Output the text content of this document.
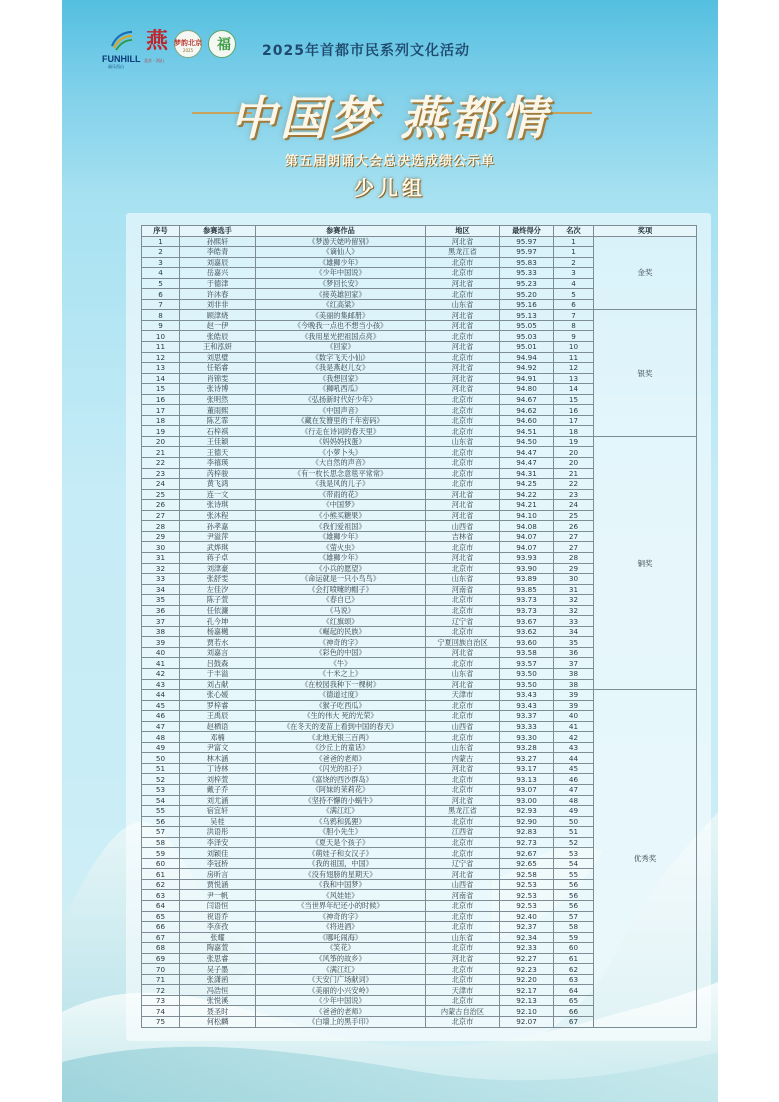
FUNHILL
福乐西山
燕
北京 · 西山
梦韵北京
2025	福	2025年首都市民系列文化活动
中国梦 燕都情
第五届朗诵大会总决选成绩公示单
少儿组
序号	参赛选手	参赛作品	地区	最终得分	名次	奖项
1	孙熙轩	《梦游天姥吟留别》	河北省	95.97	1	金奖
2	李皓青	《谪仙人》	黑龙江省	95.97	1	
3	刘嘉辰	《雄狮少年》	北京市	95.83	2	
4	岳嘉兴	《少年中国说》	北京市	95.33	3	
5	于德津	《梦回长安》	河北省	95.23	4	
6	许沐春	《接英雄回家》	北京市	95.20	5	
7	刘非非	《红高粱》	山东省	95.16	6	
8	顾津烧	《美丽的集邮册》	河北省	95.13	7	银奖
9	赵一伊	《今晚我一点也不想当小孩》	河北省	95.05	8	
10	张皓辰	《我用星光把祖国点亮》	北京市	95.03	9	
11	王和泓妍	《回家》	河北省	95.01	10	
12	刘思璧	《数字飞天小仙》	北京市	94.94	11	
13	任韬睿	《我是燕赵儿女》	河北省	94.92	12	
14	肖锦雯	《我想回家》	河北省	94.91	13	
15	张诗博	《狮吼西瓜》	河北省	94.80	14	
16	张明然	《弘扬新时代好少年》	北京市	94.67	15	
17	董雨熙	《中国声音》	北京市	94.62	16	
18	陈艺霏	《藏在发簪里的千年密码》	北京市	94.60	17	
19	石梓祺	《行走在诗词的春天里》	北京市	94.51	18	
20	王佳颖	《妈妈妈找蛋》	山东省	94.50	19	铜奖
21	王德天	《小萝卜头》	北京市	94.47	20	
22	李禧瑛	《大自然的声音》	北京市	94.47	20	
23	芮梓骏	《有一枚长思念意毯平常常》	北京市	94.31	21	
24	黄飞鸿	《我是风的儿子》	北京市	94.25	22	
25	连一文	《带雨的花》	河北省	94.22	23	
26	张诗琪	《中国梦》	河北省	94.21	24	
27	张沐程	《小熊买糖果》	河北省	94.10	25	
28	孙孝嘉	《我们爱祖国》	山西省	94.08	26	
29	尹溢萍	《雄狮少年》	吉林省	94.07	27	
30	武烨琪	《萤火虫》	北京市	94.07	27	
31	蒋子卓	《雄狮少年》	河北省	93.93	28	
32	刘津豪	《小兵的愿望》	北京市	93.90	29	
33	张舒雯	《命运就是一只小鸟鸟》	山东省	93.89	30	
34	左佳汐	《会打喷嚏的帽子》	河南省	93.85	31	
35	陈子萱	《春自已》	北京市	93.73	32	
36	任依濂	《马说》	北京市	93.73	32	
37	孔今坤	《红旗颂》	辽宁省	93.67	33	
38	杨嘉樾	《崛起的民族》	北京市	93.62	34	
39	贾若水	《神奇的字》	宁夏回族自治区	93.60	35	
40	刘嘉言	《彩色的中国》	河北省	93.58	36	
41	吕鼓森	《牛》	北京市	93.57	37	
42	于丰溢	《十米之上》	山东省	93.50	38	
43	刘占献	《在校园我种下一棵树》	河北省	93.50	38	
44	张心媛	《德道过度》	天津市	93.43	39	优秀奖
45	罗梓睿	《猴子吃西瓜》	北京市	93.43	39	
46	王禹辰	《生的伟大 死的光荣》	北京市	93.37	40	
47	赵栖语	《在冬天的麦苗上看到中国的春天》	山西省	93.33	41	
48	邓楠	《北地无银三百两》	北京市	93.30	42	
49	尹富文	《沙丘上的童话》	山东省	93.28	43	
50	林木涵	《爸爸的老师》	内蒙古	93.27	44	
51	丁诗林	《闪光的扣子》	河北省	93.17	45	
52	刘梓萱	《富饶的西沙群岛》	北京市	93.13	46	
53	戴子乔	《阿妹的茉莉花》	北京市	93.07	47	
54	刘尤涵	《坚持不懈的小蜗牛》	河北省	93.00	48	
55	宿宜轩	《满江红》	黑龙江省	92.93	49	
56	吴桂	《乌鸦和狐狸》	北京市	92.90	50	
57	洪语彤	《胆小先生》	江西省	92.83	51	
58	李泽安	《夏天是个孩子》	北京市	92.73	52	
59	刘颖佳	《萌娃子和女汉子》	北京市	92.67	53	
60	李冠桥	《我的祖国，中国》	辽宁省	92.65	54	
61	房昕言	《没有翅膀的星期天》	河北省	92.58	55	
62	贾悦涵	《我和中国梦》	山西省	92.53	56	
63	尹一帆	《风娃娃》	河南省	92.53	56	
64	闫语恒	《当世界年纪还小的时候》	北京市	92.53	56	
65	祝语乔	《神奇的字》	北京市	92.40	57	
66	李彦孜	《将进酒》	北京市	92.37	58	
67	张耀	《哪吒闹海》	山东省	92.34	59	
68	陶嘉萱	《笑花》	北京市	92.33	60	
69	张思睿	《风筝的故乡》	河北省	92.27	61	
70	吴子墨	《满江红》	北京市	92.23	62	
71	张潇函	《天安门广场献词》	北京市	92.20	63	
72	冯浩恒	《美丽的小兴安岭》	天津市	92.17	64	
73	张悦溪	《少年中国说》	北京市	92.13	65	
74	聂圣时	《爸爸的老师》	内蒙古自治区	92.10	66	
75	何松麟	《白墙上的黑手印》	北京市	92.07	67	
